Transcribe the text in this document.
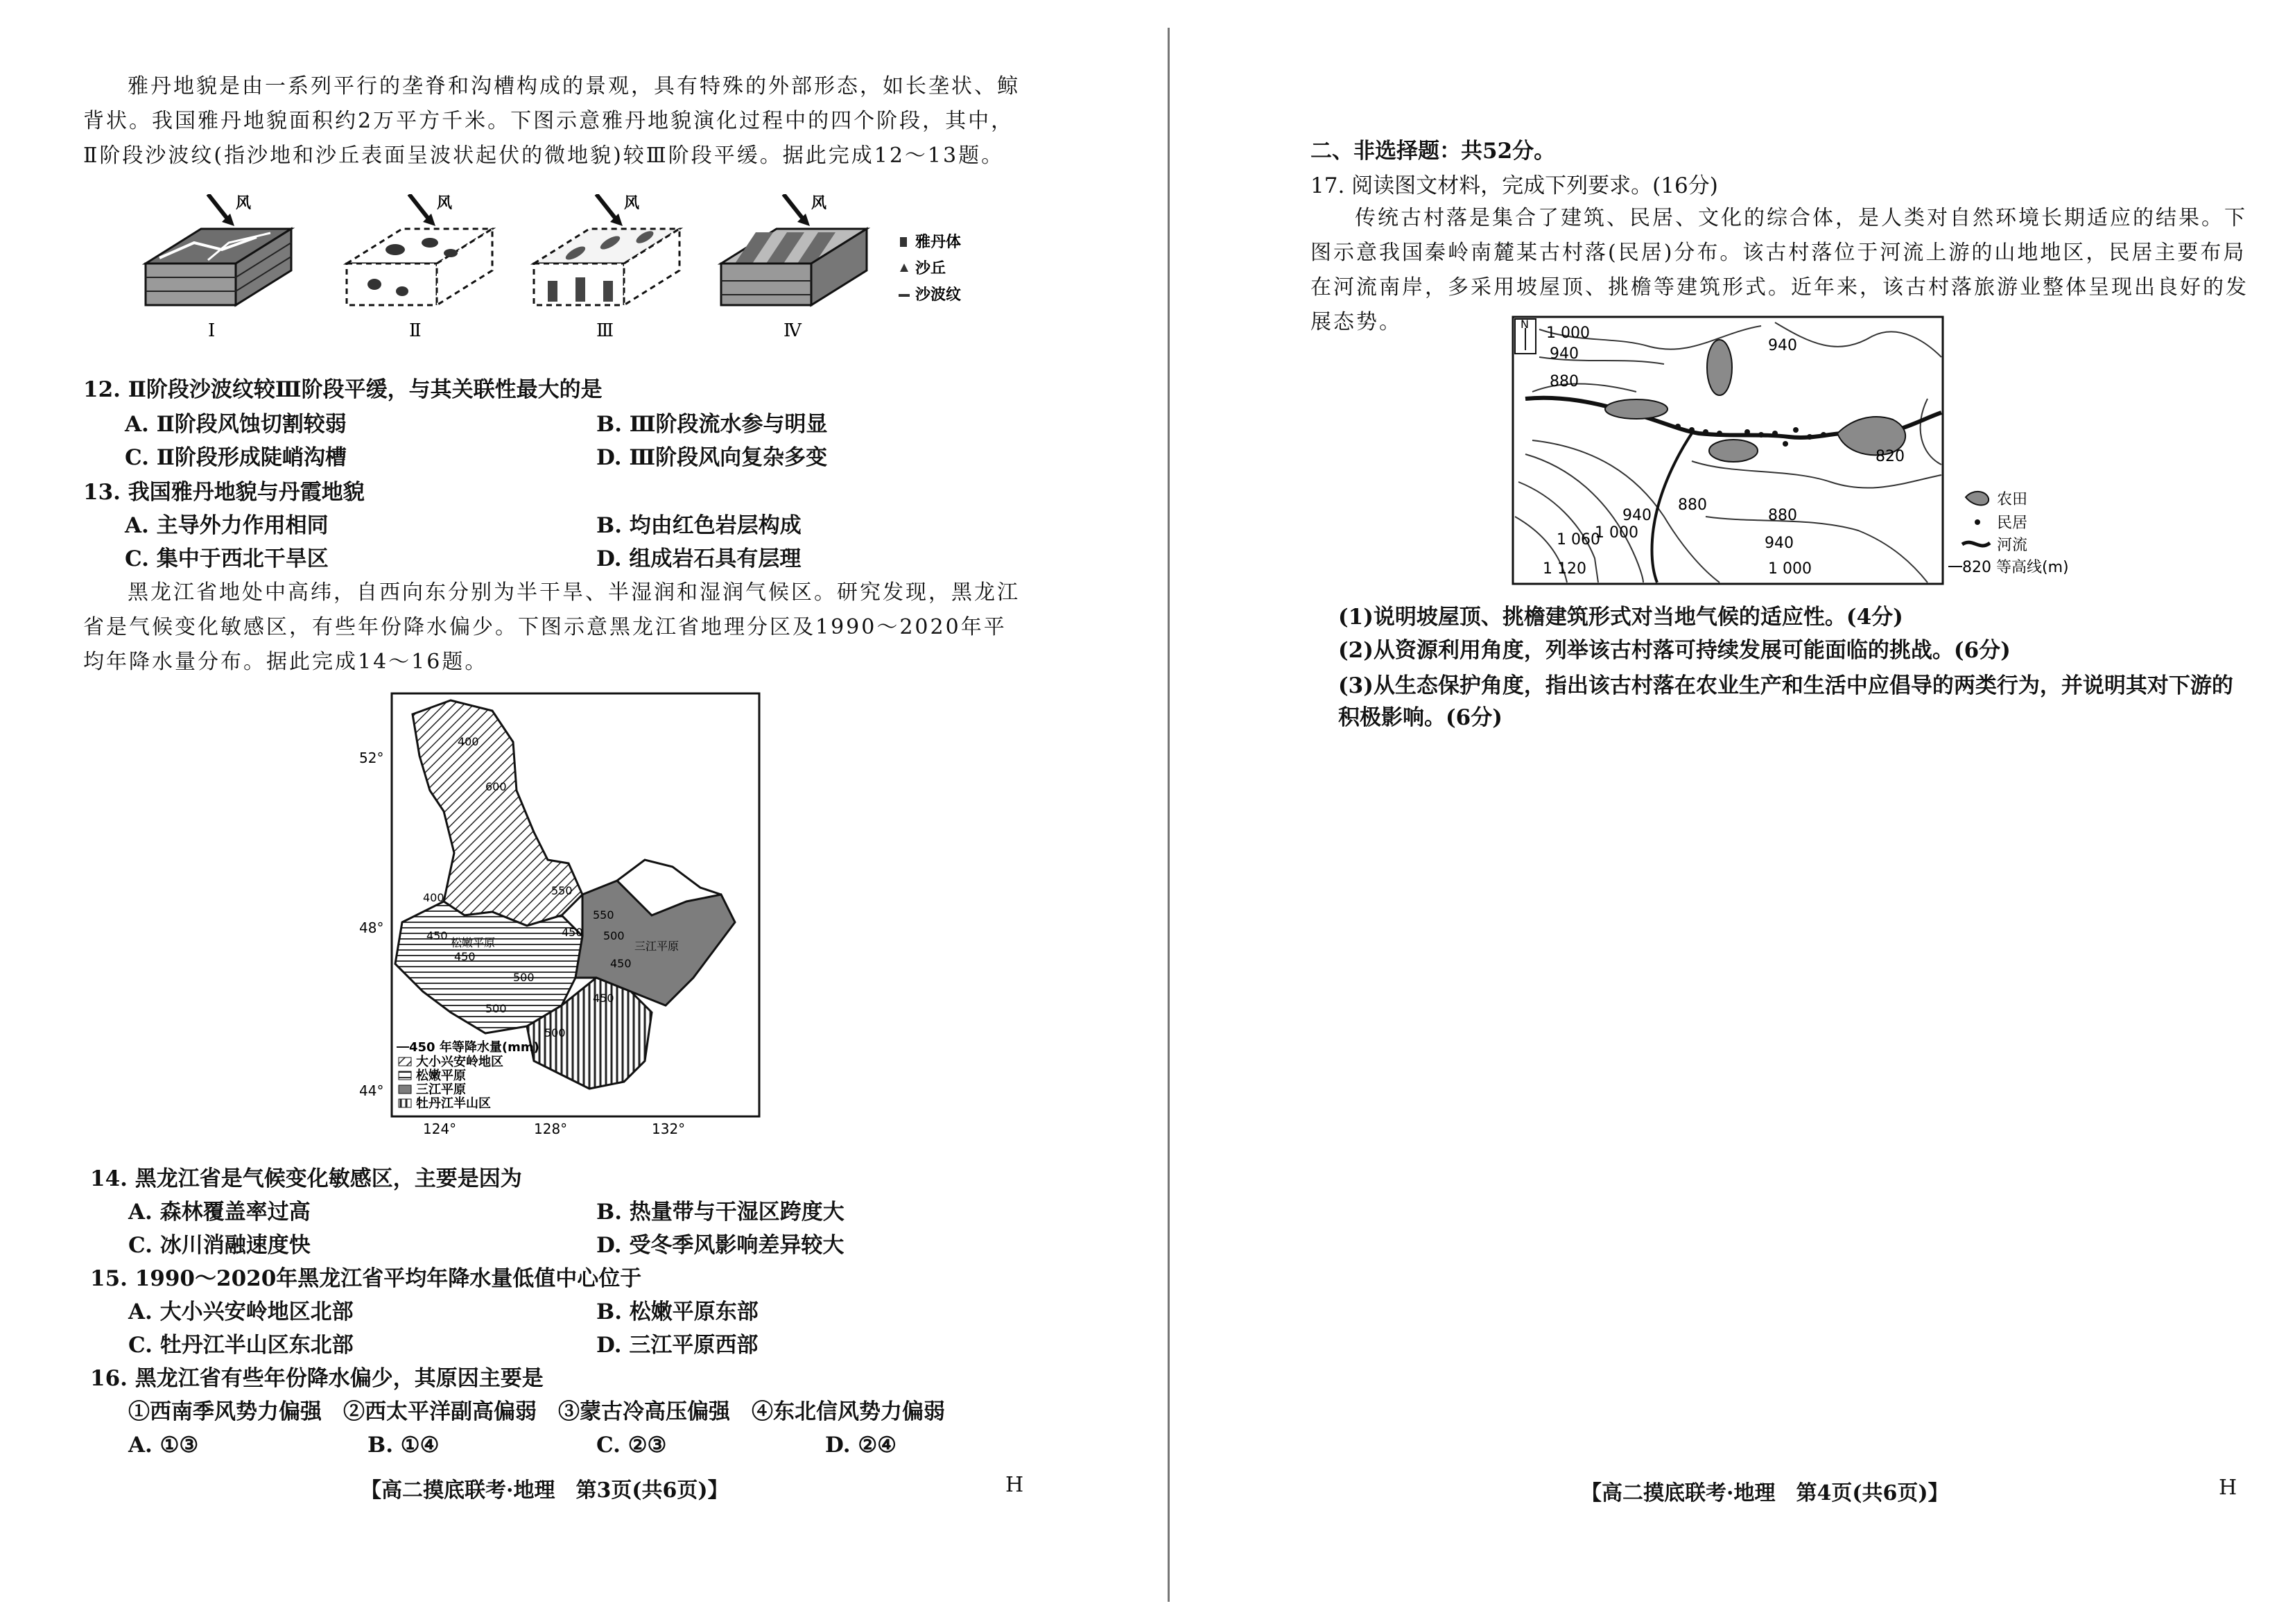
雅丹地貌是由一系列平行的垄脊和沟槽构成的景观，具有特殊的外部形态，如长垄状、鲸背状。我国雅丹地貌面积约2万平方千米。下图示意雅丹地貌演化过程中的四个阶段，其中，Ⅱ阶段沙波纹(指沙地和沙丘表面呈波状起伏的微地貌)较Ⅲ阶段平缓。据此完成12～13题。

风
Ⅰ
风
Ⅱ
风
Ⅲ
风
Ⅳ
雅丹体
沙丘
沙波纹

12. Ⅱ阶段沙波纹较Ⅲ阶段平缓，与其关联性最大的是

A. Ⅱ阶段风蚀切割较弱	B. Ⅲ阶段流水参与明显

C. Ⅱ阶段形成陡峭沟槽	D. Ⅲ阶段风向复杂多变

13. 我国雅丹地貌与丹霞地貌

A. 主导外力作用相同	B. 均由红色岩层构成

C. 集中于西北干旱区	D. 组成岩石具有层理

黑龙江省地处中高纬，自西向东分别为半干旱、半湿润和湿润气候区。研究发现，黑龙江省是气候变化敏感区，有些年份降水偏少。下图示意黑龙江省地理分区及1990～2020年平均年降水量分布。据此完成14～16题。

52°
48°
44°
124°	128°	132°
400
450
500
550
600
450
400
500
450
550
450 500
450
500
松嫩平原	三江平原
450 年等降水量(mm)
大小兴安岭地区
松嫩平原
三江平原
牡丹江半山区

14. 黑龙江省是气候变化敏感区，主要是因为

A. 森林覆盖率过高	B. 热量带与干湿区跨度大

C. 冰川消融速度快	D. 受冬季风影响差异较大

15. 1990～2020年黑龙江省平均年降水量低值中心位于

A. 大小兴安岭地区北部	B. 松嫩平原东部

C. 牡丹江半山区东北部	D. 三江平原西部

16. 黑龙江省有些年份降水偏少，其原因主要是

①西南季风势力偏强　②西太平洋副高偏弱　③蒙古冷高压偏强　④东北信风势力偏弱

A. ①③	B. ①④	C. ②③	D. ②④

【高二摸底联考·地理　第3页(共6页)】	H

二、非选择题：共52分。

17. 阅读图文材料，完成下列要求。(16分)

传统古村落是集合了建筑、民居、文化的综合体，是人类对自然环境长期适应的结果。下图示意我国秦岭南麓某古村落(民居)分布。该古村落位于河流上游的山地地区，民居主要布局在河流南岸，多采用坡屋顶、挑檐等建筑形式。近年来，该古村落旅游业整体呈现出良好的发展态势。	N
1 000
940
880
940
820
940
880
880
940
1 000
1 060
1 120
1 000
农田
民居
河流
820 等高线(m)

(1)说明坡屋顶、挑檐建筑形式对当地气候的适应性。(4分)

(2)从资源利用角度，列举该古村落可持续发展可能面临的挑战。(6分)

(3)从生态保护角度，指出该古村落在农业生产和生活中应倡导的两类行为，并说明其对下游的积极影响。(6分)

【高二摸底联考·地理　第4页(共6页)】	H
